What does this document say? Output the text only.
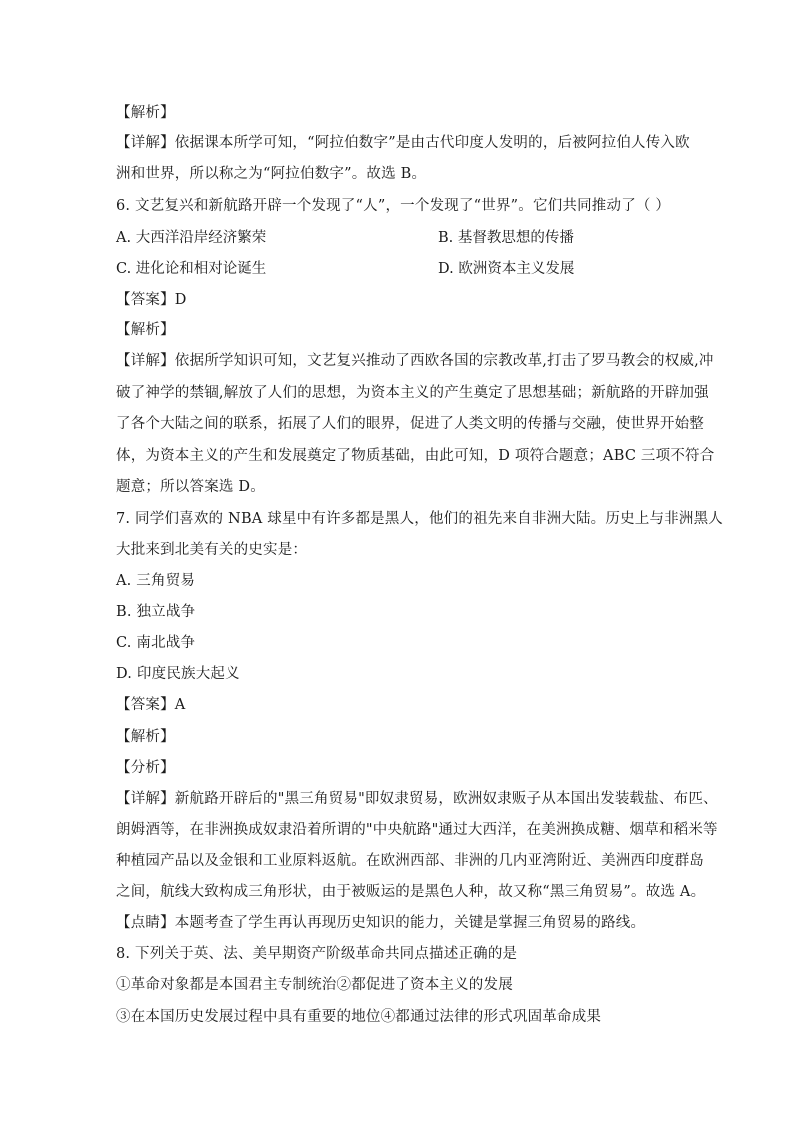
【解析】
【详解】依据课本所学可知，“阿拉伯数字”是由古代印度人发明的，后被阿拉伯人传入欧
洲和世界，所以称之为“阿拉伯数字”。故选 B。
6. 文艺复兴和新航路开辟一个发现了“人”，一个发现了“世界”。它们共同推动了（ ）
A. 大西洋沿岸经济繁荣	B. 基督教思想的传播
C. 进化论和相对论诞生	D. 欧洲资本主义发展
【答案】D
【解析】
【详解】依据所学知识可知，文艺复兴推动了西欧各国的宗教改革,打击了罗马教会的权威,冲
破了神学的禁锢,解放了人们的思想，为资本主义的产生奠定了思想基础；新航路的开辟加强
了各个大陆之间的联系，拓展了人们的眼界，促进了人类文明的传播与交融，使世界开始整
体，为资本主义的产生和发展奠定了物质基础，由此可知，D 项符合题意；ABC 三项不符合
题意；所以答案选 D。
7. 同学们喜欢的 NBA 球星中有许多都是黑人，他们的祖先来自非洲大陆。历史上与非洲黑人
大批来到北美有关的史实是：
A. 三角贸易
B. 独立战争
C. 南北战争
D. 印度民族大起义
【答案】A
【解析】
【分析】
【详解】新航路开辟后的"黑三角贸易"即奴隶贸易，欧洲奴隶贩子从本国出发装载盐、布匹、
朗姆酒等，在非洲换成奴隶沿着所谓的"中央航路"通过大西洋，在美洲换成糖、烟草和稻米等
种植园产品以及金银和工业原料返航。在欧洲西部、非洲的几内亚湾附近、美洲西印度群岛
之间，航线大致构成三角形状，由于被贩运的是黑色人种，故又称“黑三角贸易”。故选 A。
【点睛】本题考查了学生再认再现历史知识的能力，关键是掌握三角贸易的路线。
8. 下列关于英、法、美早期资产阶级革命共同点描述正确的是
①革命对象都是本国君主专制统治②都促进了资本主义的发展
③在本国历史发展过程中具有重要的地位④都通过法律的形式巩固革命成果
